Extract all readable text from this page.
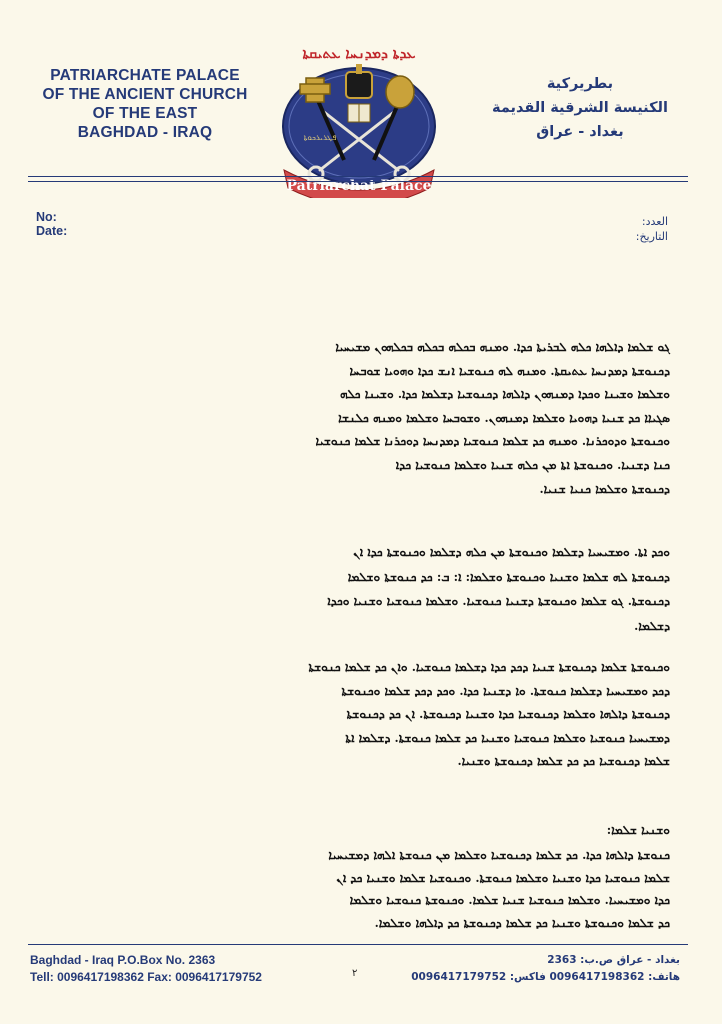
PATRIARCHATE PALACE
OF THE ANCIENT CHURCH
OF THE EAST
BAGHDAD - IRAQ
ܥܕܬܐ ܕܡܕܢܚܐ ܥܬܝܩܬܐ
ܦܛܪܝܪܟܘܬܐ
Patriarchat Palace
بطريركية
الكنيسة الشرقية القديمة
بغداد - عراق
No:
Date:
العدد:
التاريخ:

ܓܘ ܫܠܡܐ ܕܐܠܗܐ ܟܠܗ ܠܒܪܝܬܐ ܟܕܐ. ܘܡܢܗ ܒܟܠܗ ܒܟܠܗ ܒܟܠܗܘܢ ܡܫܝܚܝܐ

ܕܟܢܘܫܬܐ ܕܡܕܢܚܐ ܥܬܝܩܬܐ. ܘܡܢܗ ܠܗ ܟܢܘܫܝܐ ܐܢܫ ܟܕܐ ܘܗܘܝܐ ܫܘܒܚܐ

ܘܫܠܡܐ ܘܫܝܢܐ ܘܟܕܐ ܕܡܢܗܘܢ ܕܐܠܗܐ ܕܟܢܘܫܝܐ ܕܫܠܡܐ ܟܕܐ. ܘܫܝܢܐ ܟܠܗ

ܣܓܝܐܐ ܟܕ ܫܢܝܐ ܕܗܘܝܐ ܘܫܠܡܐ ܕܡܢܗܘܢ. ܘܫܘܒܚܐ ܘܫܠܡܐ ܘܡܢܗ ܟܠܢܫܐ

ܘܟܢܘܫܬܐ ܘܕܘܟܪܢܐ. ܘܡܢܗ ܟܕ ܫܠܡܐ ܟܢܘܫܝܐ ܕܡܕܢܚܐ ܕܘܟܪܢܐ ܫܠܡܐ ܟܢܘܫܝܐ

ܟܢܐ ܕܫܢܝܐ. ܘܟܢܘܫܬܐ ܐܬܐ ܡܢ ܟܠܗ ܫܢܝܐ ܘܫܠܡܐ ܟܢܘܫܝܐ ܟܕܐ

ܕܟܢܘܫܬܐ ܘܫܠܡܐ ܟܢܝܐ ܫܢܝܐ.

ܘܟܕ ܐܬܐ. ܘܡܫܝܚܝܐ ܕܫܠܡܐ ܘܟܢܘܫܬܐ ܡܢ ܟܠܗ ܕܫܠܡܐ ܘܟܢܘܫܬܐ ܟܕܐ ܐܢ

ܕܟܢܘܫܬܐ ܠܗ ܫܠܡܐ ܘܫܢܝܐ ܘܟܢܘܫܬܐ ܘܫܠܡܐ: ܐ: ܒ: ܟܕ ܟܢܘܫܬܐ ܘܫܠܡܐ

ܕܟܢܘܫܬܐ. ܓܘ ܫܠܡܐ ܘܟܢܘܫܬܐ ܕܫܢܝܐ ܟܢܘܫܝܐ. ܘܫܠܡܐ ܟܢܘܫܝܐ ܘܫܢܝܐ ܘܟܕܐ

ܕܫܠܡܐ.

ܘܟܢܘܫܬܐ ܫܠܡܐ ܕܟܢܘܫܬܐ ܫܢܝܐ ܕܟܕ ܟܕܐ ܕܫܠܡܐ ܟܢܘܫܝܐ. ܘܐܢ ܟܕ ܫܠܡܐ ܟܢܘܫܬܐ

ܕܟܕ ܘܡܫܝܚܝܐ ܕܫܠܡܐ ܟܢܘܫܬܐ. ܘܐ ܕܫܢܝܐ ܟܕܐ. ܘܟܕ ܕܟܕ ܫܠܡܐ ܘܟܢܘܫܬܐ

ܕܟܢܘܫܬܐ ܕܐܠܗܐ ܘܫܠܡܐ ܕܟܢܘܫܝܐ ܟܕܐ ܘܫܢܝܐ ܕܟܢܘܫܬܐ. ܐܢ ܟܕ ܕܟܢܘܫܬܐ

ܕܡܫܝܚܝܐ ܟܢܘܫܝܐ ܘܫܠܡܐ ܟܢܘܫܝܐ ܘܫܢܝܐ ܟܕ ܫܠܡܐ ܟܢܘܫܬܐ. ܕܫܠܡܐ ܐܬܐ

ܫܠܡܐ ܕܟܢܘܫܝܐ ܟܕ ܟܕ ܫܠܡܐ ܕܟܢܘܫܬܐ ܘܫܢܝܐ.

ܘܫܢܝܐ ܫܠܡܐ:

ܟܢܘܫܬܐ ܕܐܠܗܐ ܟܕܐ. ܟܕ ܫܠܡܐ ܕܟܢܘܫܝܐ ܘܫܠܡܐ ܡܢ ܟܢܘܫܬܐ ܐܠܗܐ ܕܡܫܝܚܝܐ

ܫܠܡܐ ܟܢܘܫܝܐ ܟܕܐ ܘܫܢܝܐ ܘܫܠܡܐ ܟܢܘܫܬܐ. ܘܟܢܘܫܝܐ ܫܠܡܐ ܘܫܢܝܐ ܟܕ ܐܢ

ܟܕܐ ܘܡܫܝܚܝܐ. ܘܫܠܡܐ ܟܢܘܫܝܐ ܫܢܝܐ ܫܠܡܐ. ܘܟܢܘܫܬܐ ܟܢܘܫܝܐ ܘܫܠܡܐ

ܟܕ ܫܠܡܐ ܘܟܢܘܫܬܐ ܘܫܢܝܐ ܟܕ ܫܠܡܐ ܕܟܢܘܫܬܐ ܟܕ ܕܐܠܗܐ ܘܫܠܡܐ.

Baghdad - Iraq P.O.Box No. 2363
Tell: 0096417198362 Fax: 0096417179752	٢
بغداد - عراق ص.ب: 2363
هاتف: 0096417198362 فاكس: 0096417179752
